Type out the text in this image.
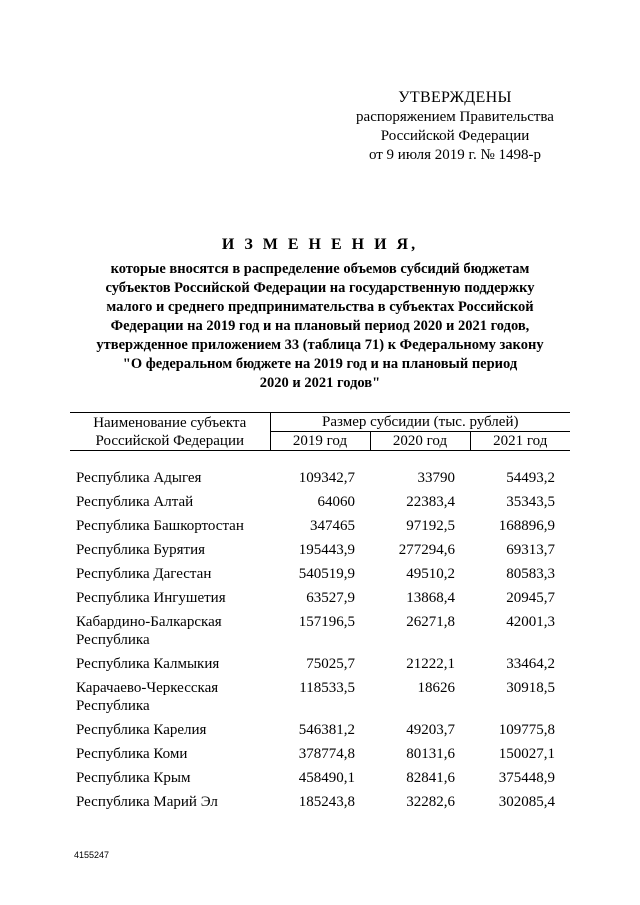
УТВЕРЖДЕНЫ
распоряжением Правительства
Российской Федерации
от 9 июля 2019 г. № 1498-р
И З М Е Н Е Н И Я,
которые вносятся в распределение объемов субсидий бюджетам
субъектов Российской Федерации на государственную поддержку
малого и среднего предпринимательства в субъектах Российской
Федерации на 2019 год и на плановый период 2020 и 2021 годов,
утвержденное приложением 33 (таблица 71) к Федеральному закону
"О федеральном бюджете на 2019 год и на плановый период
2020 и 2021 годов"
Наименование субъекта
Российской Федерации	Размер субсидии (тыс. рублей)		
	2019 год	2020 год	2021 год

Республика Адыгея	109342,7	33790	54493,2
Республика Алтай	64060	22383,4	35343,5
Республика Башкортостан	347465	97192,5	168896,9
Республика Бурятия	195443,9	277294,6	69313,7
Республика Дагестан	540519,9	49510,2	80583,3
Республика Ингушетия	63527,9	13868,4	20945,7
Кабардино-Балкарская Республика	157196,5	26271,8	42001,3
Республика Калмыкия	75025,7	21222,1	33464,2
Карачаево-Черкесская Республика	118533,5	18626	30918,5
Республика Карелия	546381,2	49203,7	109775,8
Республика Коми	378774,8	80131,6	150027,1
Республика Крым	458490,1	82841,6	375448,9
Республика Марий Эл	185243,8	32282,6	302085,4
4155247
